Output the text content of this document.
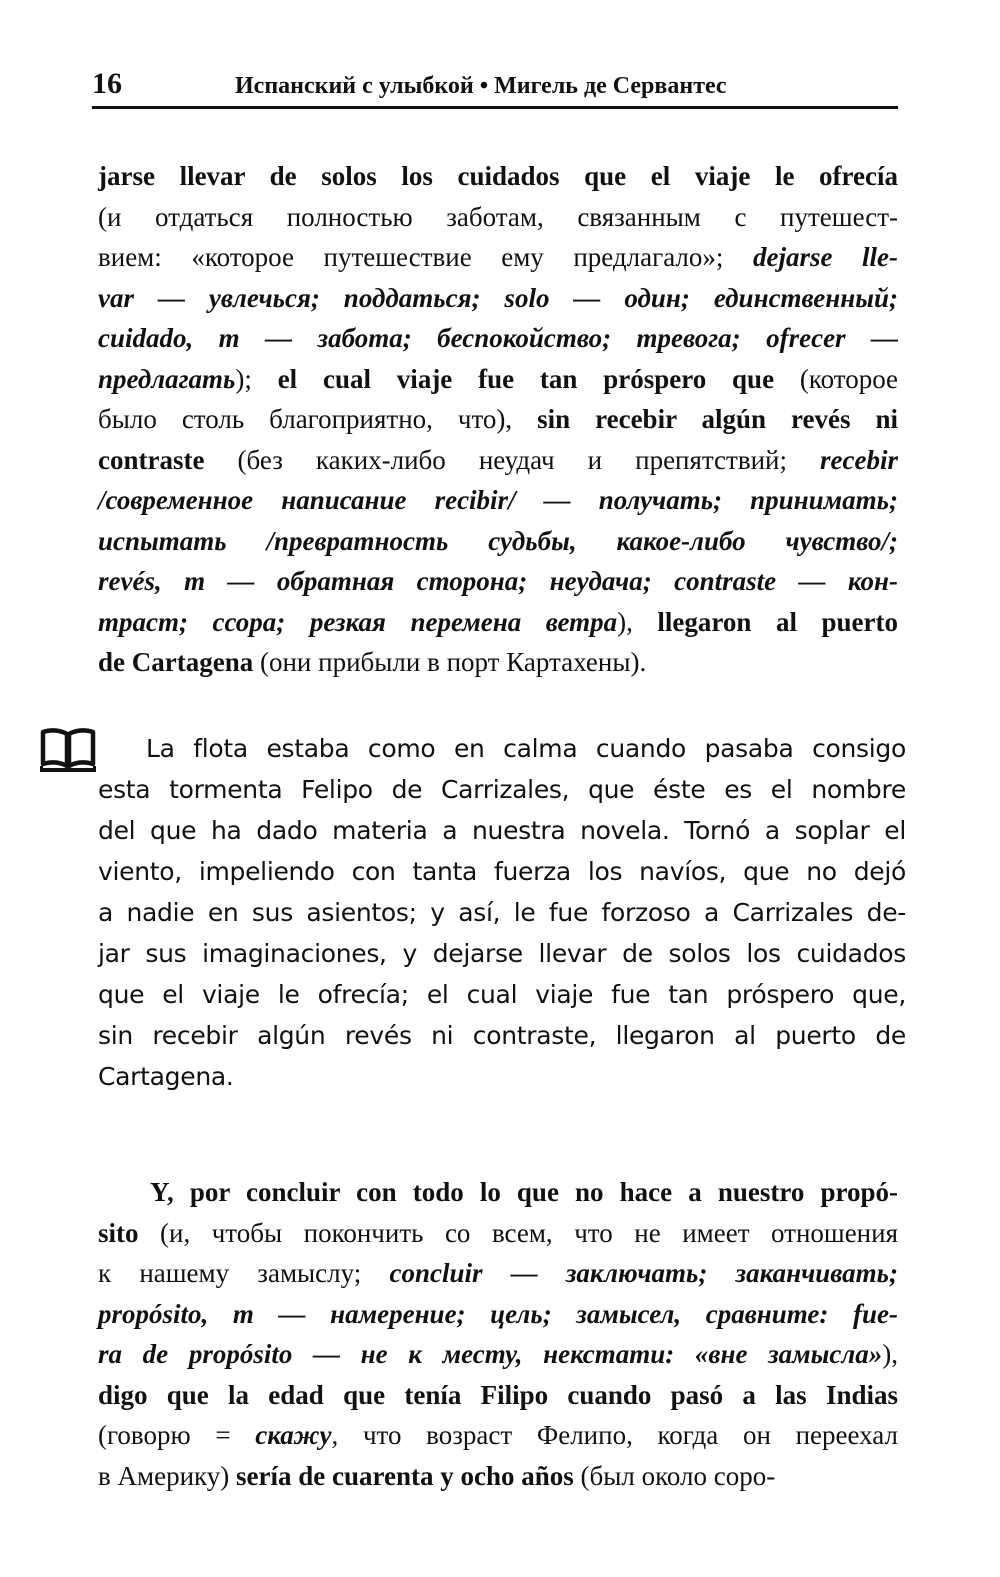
16	Испанский с улыбкой • Мигель де Сервантес
jarse llevar de solos los cuidados que el viaje le ofrecía
(и отдаться полностью заботам, связанным с путешест-
вием: «которое путешествие ему предлагало»; dejarse lle-
var — увлечься; поддаться; solo — один; единственный;
cuidado, m — забота; беспокойство; тревога; ofrecer —
предлагать); el cual viaje fue tan próspero que (которое
было столь благоприятно, что), sin recebir algún revés ni
contraste (без каких-либо неудач и препятствий; recebir
/современное написание recibir/ — получать; принимать;
испытать /превратность судьбы, какое-либо чувство/;
revés, m — обратная сторона; неудача; contraste — кон-
траст; ссора; резкая перемена ветра), llegaron al puerto
de Cartagena (они прибыли в порт Картахены).
La flota estaba como en calma cuando pasaba consigo
esta tormenta Felipo de Carrizales, que éste es el nombre
del que ha dado materia a nuestra novela. Tornó a soplar el
viento, impeliendo con tanta fuerza los navíos, que no dejó
a nadie en sus asientos; y así, le fue forzoso a Carrizales de-
jar sus imaginaciones, y dejarse llevar de solos los cuidados
que el viaje le ofrecía; el cual viaje fue tan próspero que,
sin recebir algún revés ni contraste, llegaron al puerto de
Cartagena.
Y, por concluir con todo lo que no hace a nuestro propó-
sito (и, чтобы покончить со всем, что не имеет отношения
к нашему замыслу; concluir — заключать; заканчивать;
propósito, m — намерение; цель; замысел, сравните: fue-
ra de propósito — не к месту, некстати: «вне замысла»),
digo que la edad que tenía Filipo cuando pasó a las Indias
(говорю = скажу, что возраст Фелипо, когда он переехал
в Америку) sería de cuarenta y ocho años (был около соро-
